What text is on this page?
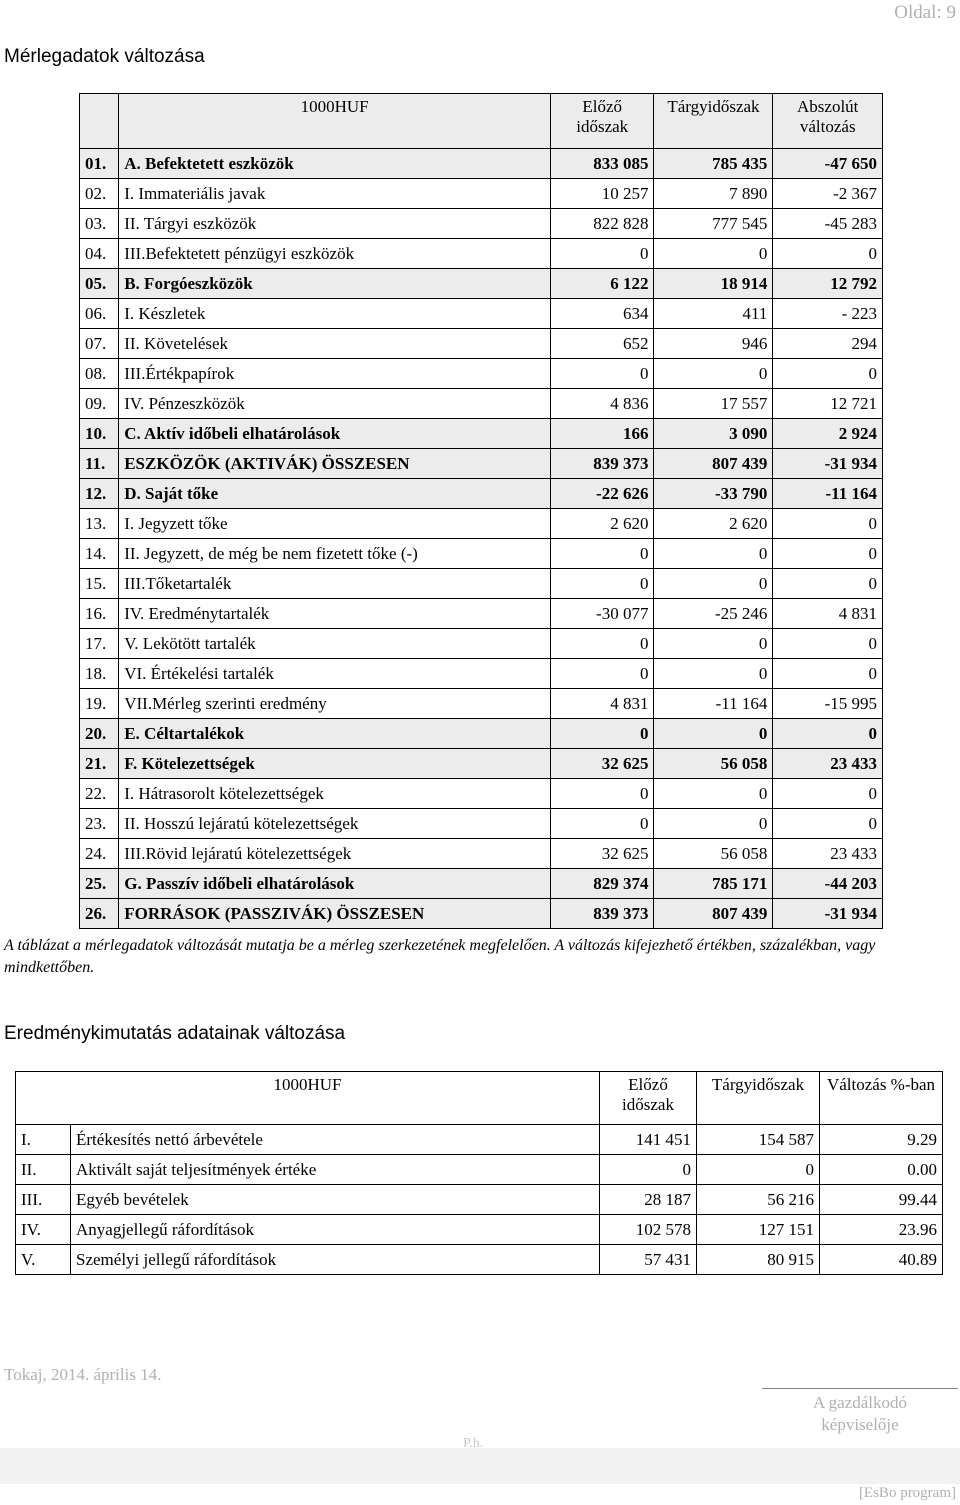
Oldal: 9
Mérlegadatok változása
	1000HUF		Előző időszak	Tárgyidőszak	Abszolút változás
01.	A. Befektetett eszközök		833 085	785 435	-47 650
02.	I. Immateriális javak		10 257	7 890	-2 367
03.	II. Tárgyi eszközök		822 828	777 545	-45 283
04.	III.Befektetett pénzügyi eszközök		0	0	0
05.	B. Forgóeszközök		6 122	18 914	12 792
06.	I. Készletek		634	411	- 223
07.	II. Követelések		652	946	294
08.	III.Értékpapírok		0	0	0
09.	IV. Pénzeszközök		4 836	17 557	12 721
10.	C. Aktív időbeli elhatárolások		166	3 090	2 924
11.	ESZKÖZÖK (AKTIVÁK) ÖSSZESEN		839 373	807 439	-31 934
12.	D. Saját tőke		-22 626	-33 790	-11 164
13.	I. Jegyzett tőke		2 620	2 620	0
14.	II. Jegyzett, de még be nem fizetett tőke (-)		0	0	0
15.	III.Tőketartalék		0	0	0
16.	IV. Eredménytartalék		-30 077	-25 246	4 831
17.	V. Lekötött tartalék		0	0	0
18.	VI. Értékelési tartalék		0	0	0
19.	VII.Mérleg szerinti eredmény		4 831	-11 164	-15 995
20.	E. Céltartalékok		0	0	0
21.	F. Kötelezettségek		32 625	56 058	23 433
22.	I. Hátrasorolt kötelezettségek		0	0	0
23.	II. Hosszú lejáratú kötelezettségek		0	0	0
24.	III.Rövid lejáratú kötelezettségek		32 625	56 058	23 433
25.	G. Passzív időbeli elhatárolások		829 374	785 171	-44 203
26.	FORRÁSOK (PASSZIVÁK) ÖSSZESEN		839 373	807 439	-31 934
A táblázat a mérlegadatok változását mutatja be a mérleg szerkezetének megfelelően. A változás kifejezhető értékben, százalékban, vagy mindkettőben.
Eredménykimutatás adatainak változása
1000HUF		Előző időszak	Tárgyidőszak	Változás %-ban
I.	Értékesítés nettó árbevétele	141 451	154 587	9.29
II.	Aktivált saját teljesítmények értéke	0	0	0.00
III.	Egyéb bevételek	28 187	56 216	99.44
IV.	Anyagjellegű ráfordítások	102 578	127 151	23.96
V.	Személyi jellegű ráfordítások	57 431	80 915	40.89
Tokaj, 2014. április 14.
A gazdálkodó képviselője
P.h.
[EsBo program]
